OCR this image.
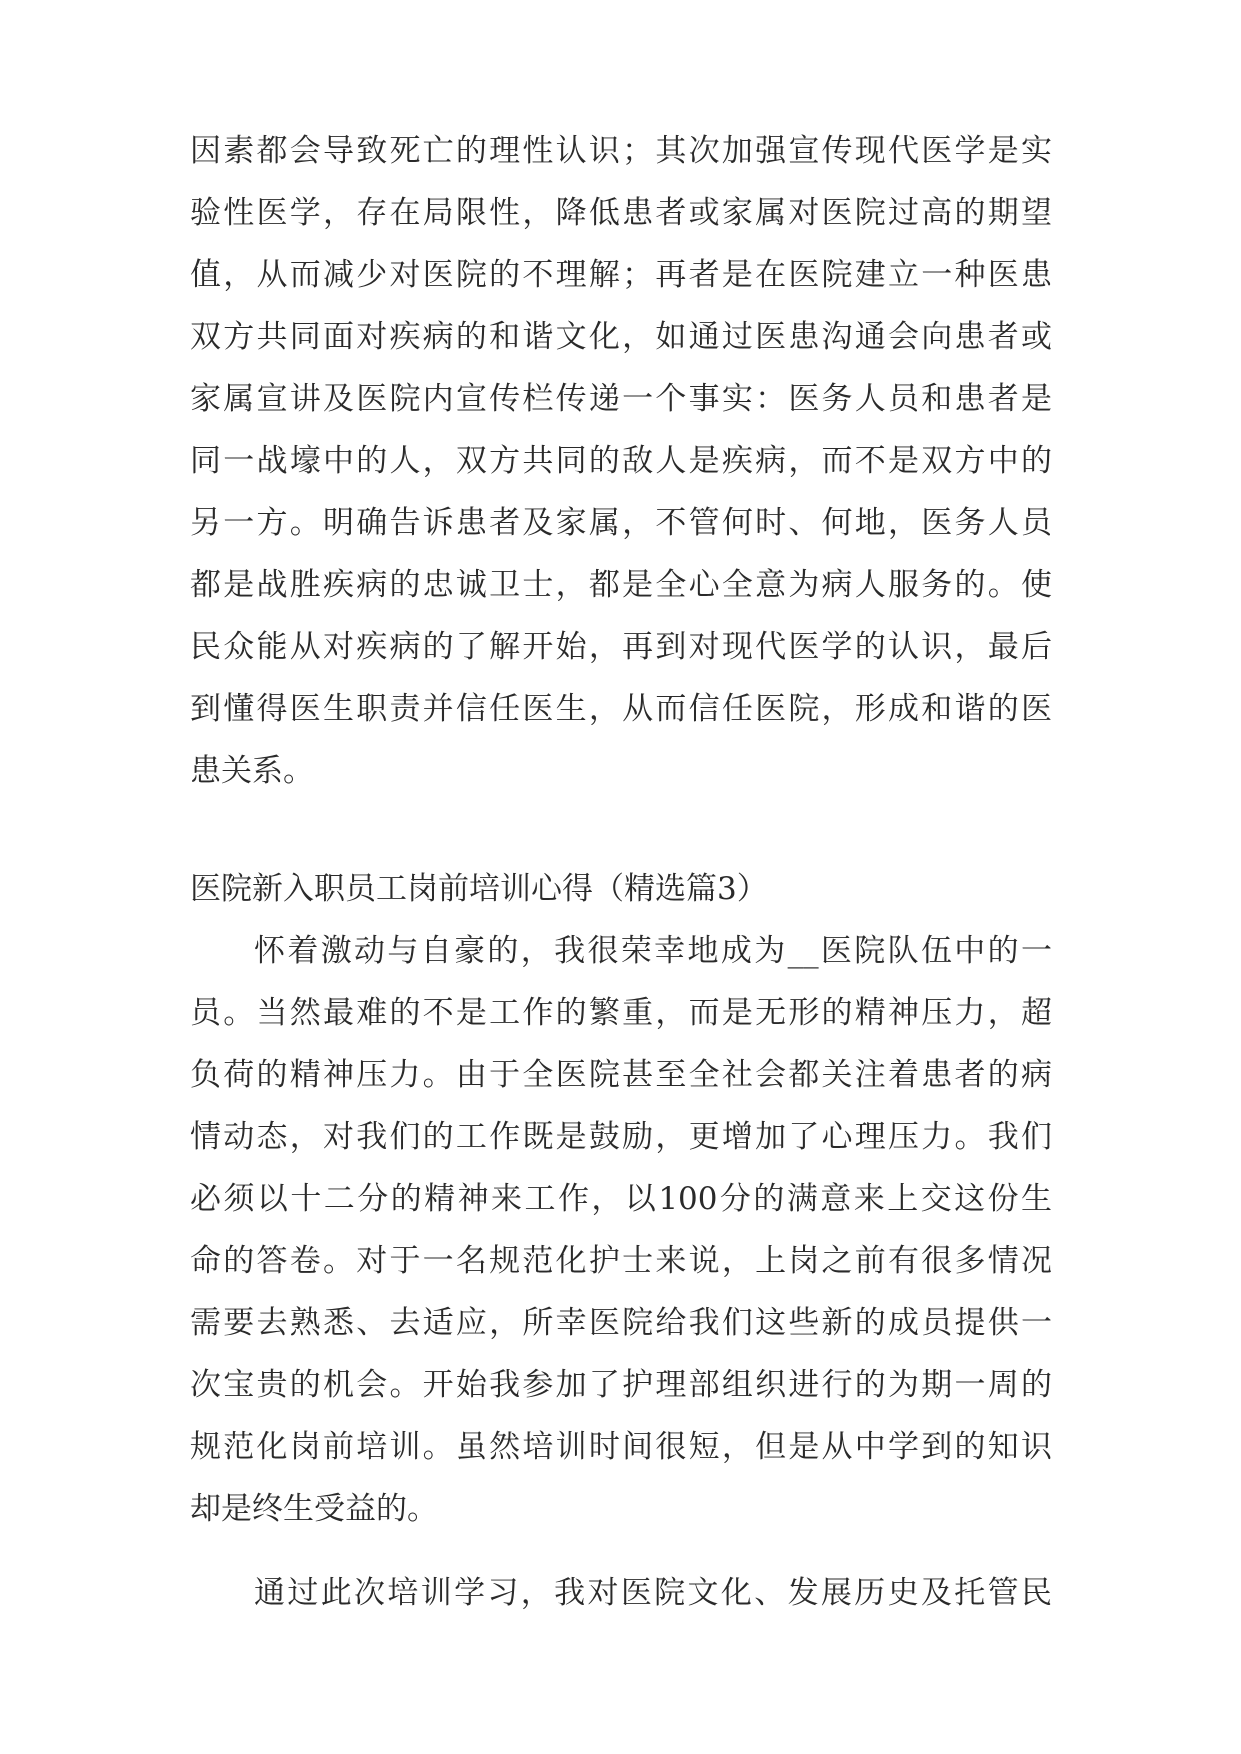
因素都会导致死亡的理性认识；其次加强宣传现代医学是实
验性医学，存在局限性，降低患者或家属对医院过高的期望
值，从而减少对医院的不理解；再者是在医院建立一种医患
双方共同面对疾病的和谐文化，如通过医患沟通会向患者或
家属宣讲及医院内宣传栏传递一个事实：医务人员和患者是
同一战壕中的人，双方共同的敌人是疾病，而不是双方中的
另一方。明确告诉患者及家属，不管何时、何地，医务人员
都是战胜疾病的忠诚卫士，都是全心全意为病人服务的。使
民众能从对疾病的了解开始，再到对现代医学的认识，最后
到懂得医生职责并信任医生，从而信任医院，形成和谐的医
患关系。
医院新入职员工岗前培训心得（精选篇3）
怀着激动与自豪的，我很荣幸地成为__医院队伍中的一
员。当然最难的不是工作的繁重，而是无形的精神压力，超
负荷的精神压力。由于全医院甚至全社会都关注着患者的病
情动态，对我们的工作既是鼓励，更增加了心理压力。我们
必须以十二分的精神来工作，以100分的满意来上交这份生
命的答卷。对于一名规范化护士来说，上岗之前有很多情况
需要去熟悉、去适应，所幸医院给我们这些新的成员提供一
次宝贵的机会。开始我参加了护理部组织进行的为期一周的
规范化岗前培训。虽然培训时间很短，但是从中学到的知识
却是终生受益的。
通过此次培训学习，我对医院文化、发展历史及托管民
